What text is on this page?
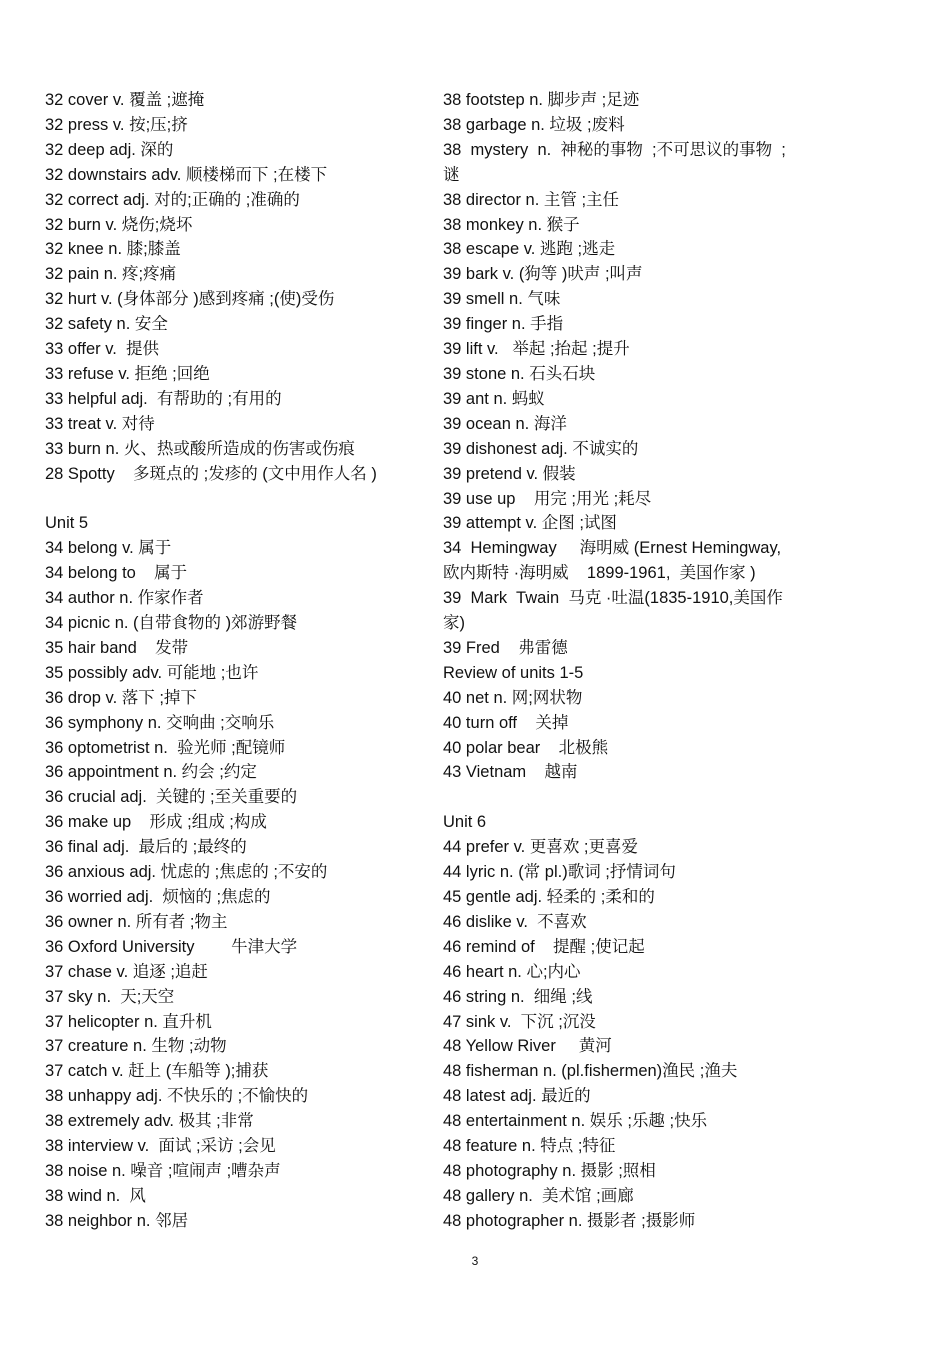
32 cover v. 覆盖 ;遮掩
32 press v. 按;压;挤
32 deep adj. 深的
32 downstairs adv. 顺楼梯而下 ;在楼下
32 correct adj. 对的;正确的 ;准确的
32 burn v. 烧伤;烧坏
32 knee n. 膝;膝盖
32 pain n. 疼;疼痛
32 hurt v. (身体部分 )感到疼痛 ;(使)受伤
32 safety n. 安全
33 offer v.  提供
33 refuse v. 拒绝 ;回绝
33 helpful adj.  有帮助的 ;有用的
33 treat v. 对待
33 burn n. 火、热或酸所造成的伤害或伤痕
28 Spotty    多斑点的 ;发疹的 (文中用作人名 )
Unit 5
34 belong v. 属于
34 belong to    属于
34 author n. 作家作者
34 picnic n. (自带食物的 )郊游野餐
35 hair band    发带
35 possibly adv. 可能地 ;也许
36 drop v. 落下 ;掉下
36 symphony n. 交响曲 ;交响乐
36 optometrist n.  验光师 ;配镜师
36 appointment n. 约会 ;约定
36 crucial adj.  关键的 ;至关重要的
36 make up    形成 ;组成 ;构成
36 final adj.  最后的 ;最终的
36 anxious adj. 忧虑的 ;焦虑的 ;不安的
36 worried adj.  烦恼的 ;焦虑的
36 owner n. 所有者 ;物主
36 Oxford University        牛津大学
37 chase v. 追逐 ;追赶
37 sky n.  天;天空
37 helicopter n. 直升机
37 creature n. 生物 ;动物
37 catch v. 赶上 (车船等 );捕获
38 unhappy adj. 不快乐的 ;不愉快的
38 extremely adv. 极其 ;非常
38 interview v.  面试 ;采访 ;会见
38 noise n. 噪音 ;喧闹声 ;嘈杂声
38 wind n.  风
38 neighbor n. 邻居
38 footstep n. 脚步声 ;足迹
38 garbage n. 垃圾 ;废料
38  mystery  n.  神秘的事物  ;不可思议的事物  ;
谜
38 director n. 主管 ;主任
38 monkey n. 猴子
38 escape v. 逃跑 ;逃走
39 bark v. (狗等 )吠声 ;叫声
39 smell n. 气味
39 finger n. 手指
39 lift v.   举起 ;抬起 ;提升
39 stone n. 石头石块
39 ant n. 蚂蚁
39 ocean n. 海洋
39 dishonest adj. 不诚实的
39 pretend v. 假装
39 use up    用完 ;用光 ;耗尽
39 attempt v. 企图 ;试图
34  Hemingway     海明威 (Ernest Hemingway,
欧内斯特 ·海明威    1899-1961,  美国作家 )
39  Mark  Twain  马克 ·吐温(1835-1910,美国作
家)
39 Fred    弗雷德
Review of units 1-5
40 net n. 网;网状物
40 turn off    关掉
40 polar bear    北极熊
43 Vietnam    越南
Unit 6
44 prefer v. 更喜欢 ;更喜爱
44 lyric n. (常 pl.)歌词 ;抒情词句
45 gentle adj. 轻柔的 ;柔和的
46 dislike v.  不喜欢
46 remind of    提醒 ;使记起
46 heart n. 心;内心
46 string n.  细绳 ;线
47 sink v.  下沉 ;沉没
48 Yellow River     黄河
48 fisherman n. (pl.fishermen)渔民 ;渔夫
48 latest adj. 最近的
48 entertainment n. 娱乐 ;乐趣 ;快乐
48 feature n. 特点 ;特征
48 photography n. 摄影 ;照相
48 gallery n.  美术馆 ;画廊
48 photographer n. 摄影者 ;摄影师
3
